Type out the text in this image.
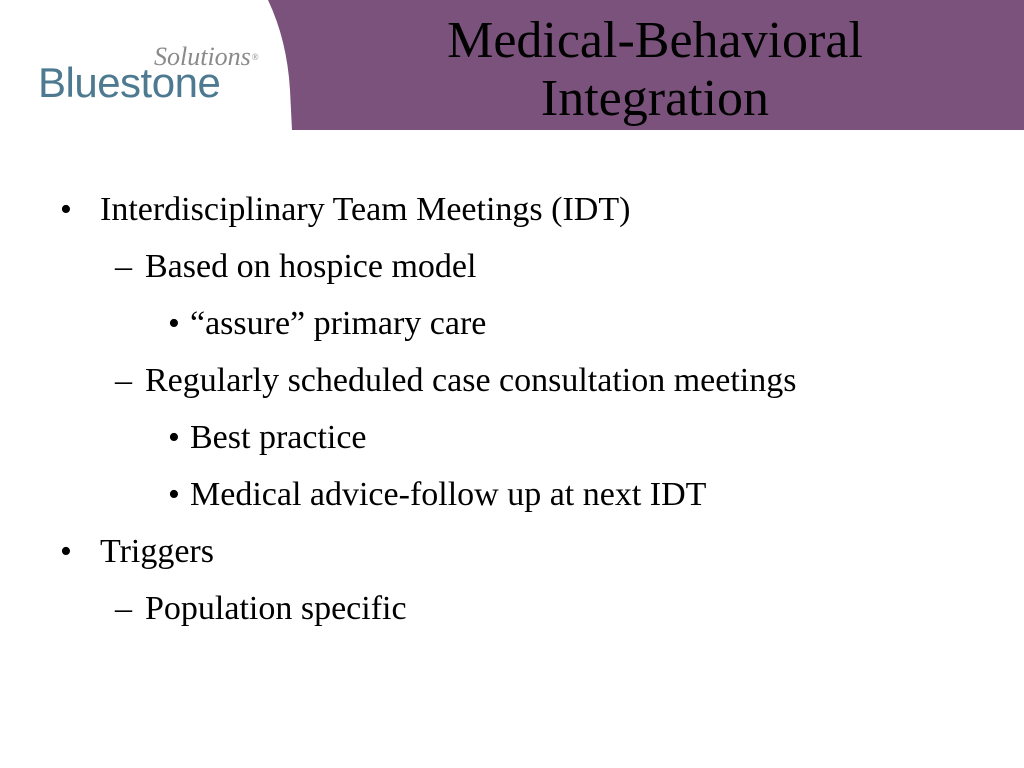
Solutions®
Bluestone
Medical-Behavioral
Integration
• Interdisciplinary Team Meetings (IDT)
– Based on hospice model
• “assure” primary care
– Regularly scheduled case consultation meetings
• Best practice
• Medical advice-follow up at next IDT
• Triggers
– Population specific
